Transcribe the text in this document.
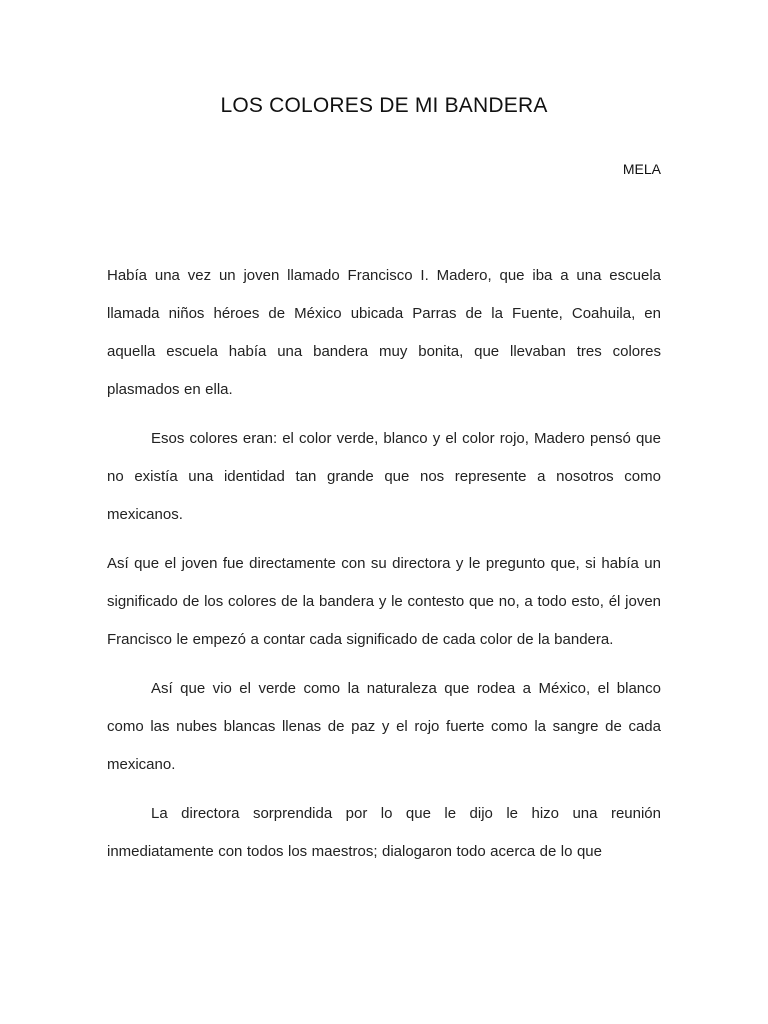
LOS COLORES DE MI BANDERA

MELA

Había una vez un joven llamado Francisco I. Madero, que iba a una escuela llamada niños héroes de México ubicada Parras de la Fuente, Coahuila, en aquella escuela había una bandera muy bonita, que llevaban tres colores plasmados en ella.

Esos colores eran: el color verde, blanco y el color rojo, Madero pensó que no existía una identidad tan grande que nos represente a nosotros como mexicanos.

Así que el joven fue directamente con su directora y le pregunto que, si había un significado de los colores de la bandera y le contesto que no, a todo esto, él joven Francisco le empezó a contar cada significado de cada color de la bandera.

Así que vio el verde como la naturaleza que rodea a México, el blanco como las nubes blancas llenas de paz y el rojo fuerte como la sangre de cada mexicano.

La directora sorprendida por lo que le dijo le hizo una reunión inmediatamente con todos los maestros; dialogaron todo acerca de lo que
